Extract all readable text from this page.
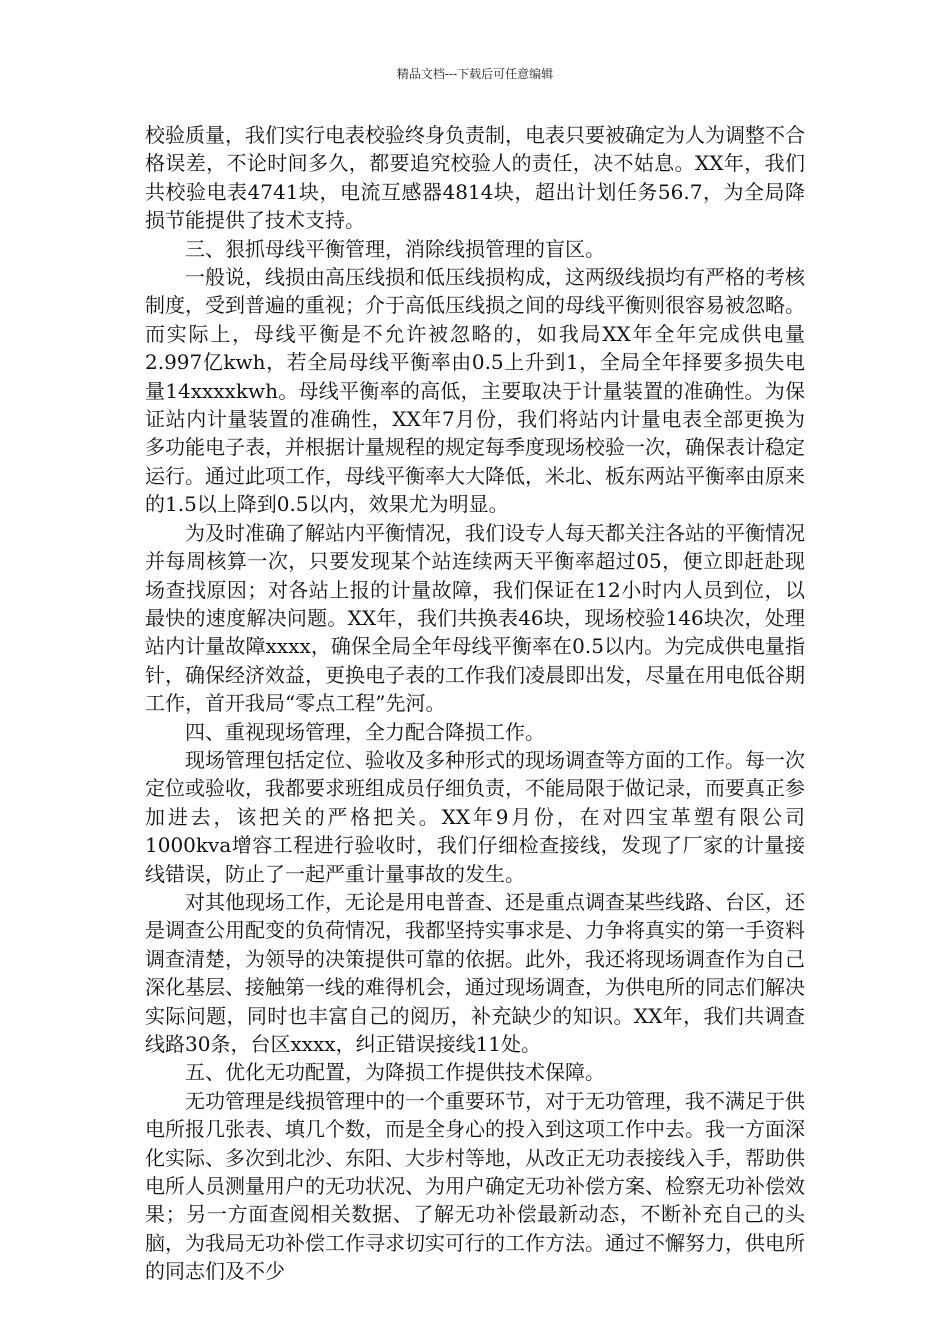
精品文档---下载后可任意编辑

校验质量，我们实行电表校验终身负责制，电表只要被确定为人为调整不合格误差，不论时间多久，都要追究校验人的责任，决不姑息。XX年，我们共校验电表4741块，电流互感器4814块，超出计划任务56.7，为全局降损节能提供了技术支持。

三、狠抓母线平衡管理，消除线损管理的盲区。

一般说，线损由高压线损和低压线损构成，这两级线损均有严格的考核制度，受到普遍的重视；介于高低压线损之间的母线平衡则很容易被忽略。而实际上，母线平衡是不允许被忽略的，如我局XX年全年完成供电量2.997亿kwh，若全局母线平衡率由0.5上升到1，全局全年择要多损失电量14xxxxkwh。母线平衡率的高低，主要取决于计量装置的准确性。为保证站内计量装置的准确性，XX年7月份，我们将站内计量电表全部更换为多功能电子表，并根据计量规程的规定每季度现场校验一次，确保表计稳定运行。通过此项工作，母线平衡率大大降低，米北、板东两站平衡率由原来的1.5以上降到0.5以内，效果尤为明显。

为及时准确了解站内平衡情况，我们设专人每天都关注各站的平衡情况并每周核算一次，只要发现某个站连续两天平衡率超过05，便立即赶赴现场查找原因；对各站上报的计量故障，我们保证在12小时内人员到位，以最快的速度解决问题。XX年，我们共换表46块，现场校验146块次，处理站内计量故障xxxx，确保全局全年母线平衡率在0.5以内。为完成供电量指针，确保经济效益，更换电子表的工作我们凌晨即出发，尽量在用电低谷期工作，首开我局“零点工程”先河。

四、重视现场管理，全力配合降损工作。

现场管理包括定位、验收及多种形式的现场调查等方面的工作。每一次定位或验收，我都要求班组成员仔细负责，不能局限于做记录，而要真正参加进去，该把关的严格把关。XX年9月份，在对四宝革塑有限公司1000kva增容工程进行验收时，我们仔细检查接线，发现了厂家的计量接线错误，防止了一起严重计量事故的发生。

对其他现场工作，无论是用电普查、还是重点调查某些线路、台区，还是调查公用配变的负荷情况，我都坚持实事求是、力争将真实的第一手资料调查清楚，为领导的决策提供可靠的依据。此外，我还将现场调查作为自己深化基层、接触第一线的难得机会，通过现场调查，为供电所的同志们解决实际问题，同时也丰富自己的阅历，补充缺少的知识。XX年，我们共调查线路30条，台区xxxx，纠正错误接线11处。

五、优化无功配置，为降损工作提供技术保障。

无功管理是线损管理中的一个重要环节，对于无功管理，我不满足于供电所报几张表、填几个数，而是全身心的投入到这项工作中去。我一方面深化实际、多次到北沙、东阳、大步村等地，从改正无功表接线入手，帮助供电所人员测量用户的无功状况、为用户确定无功补偿方案、检察无功补偿效果；另一方面查阅相关数据、了解无功补偿最新动态，不断补充自己的头脑，为我局无功补偿工作寻求切实可行的工作方法。通过不懈努力，供电所的同志们及不少
